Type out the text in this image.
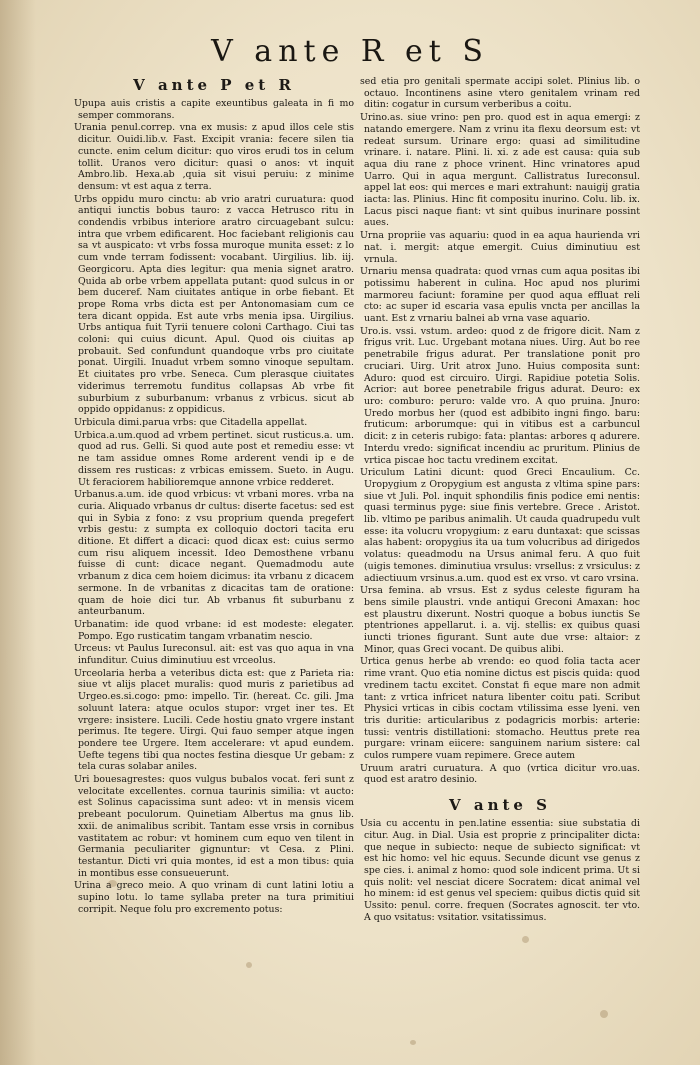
V ante R et S
V ante P et R

Upupa auis cristis a capite exeuntibus galeata in fi mo semper commorans.

Urania penul.correp. vna ex musis: z apud illos cele stis dicitur. Ouidi.lib.v. Fast. Excipit vrania: fecere silen tia cuncte. enim celum dicitur: quo viros erudi tos in celum tollit. Uranos vero dicitur: quasi o anos: vt inquit Ambro.lib. Hexa.ab ,quia sit visui peruiu: z minime densum: vt est aqua z terra.

Urbs oppidu muro cinctu: ab vrio aratri curuatura: quod antiqui iunctis bobus tauro: z vacca Hetrusco ritu in condendis vrbibus interiore aratro circuagebant sulcu: intra que vrbem edificarent. Hoc faciebant religionis cau sa vt auspicato: vt vrbs fossa muroque munita esset: z lo cum vnde terram fodissent: vocabant. Uirgilius. lib. iij. Georgicoru. Apta dies legitur: qua menia signet aratro. Quida ab orbe vrbem appellata putant: quod sulcus in or bem duceref. Nam ciuitates antique in orbe fiebant. Et prope Roma vrbs dicta est per Antonomasiam cum ce tera dicant oppida. Est aute vrbs menia ipsa. Uirgilius. Urbs antiqua fuit Tyrii tenuere coloni Carthago. Ciui tas coloni: qui cuius dicunt. Apul. Quod ois ciuitas ap probauit. Sed confundunt quandoque vrbs pro ciuitate ponat. Uirgili. Inuadut vrbem somno vinoque sepultam. Et ciuitates pro vrbe. Seneca. Cum plerasque ciuitates viderimus terremotu funditus collapsas Ab vrbe fit suburbium z suburbanum: vrbanus z vrbicus. sicut ab oppido oppidanus: z oppidicus.

Urbicula dimi.parua vrbs: que Citadella appellat.

Urbica.a.um.quod ad vrbem pertinet. sicut rusticus.a. um. quod ad rus. Gelli. Si quod aute post et remediu esse: vt ne tam assidue omnes Rome arderent vendi ip e de dissem res rusticas: z vrbicas emissem. Sueto. in Augu. Ut feraciorem habilioremque annone vrbice redderet.

Urbanus.a.um. ide quod vrbicus: vt vrbani mores. vrba na curia. Aliquado vrbanus dr cultus: diserte facetus: sed est qui in Sybia z fono: z vsu proprium quenda pregefert vrbis gestu: z sumpta ex colloquio doctori tacita eru ditione. Et differt a dicaci: quod dicax est: cuius sermo cum risu aliquem incessit. Ideo Demosthene vrbanu fuisse di cunt: dicace negant. Quemadmodu aute vrbanum z dica cem hoiem dicimus: ita vrbanu z dicacem sermone. In de vrbanitas z dicacitas tam de oratione: quam de hoie dici tur. Ab vrbanus fit suburbanu z anteurbanum.

Urbanatim: ide quod vrbane: id est modeste: elegater. Pompo. Ego rusticatim tangam vrbanatim nescio.

Urceus: vt Paulus Iureconsul. ait: est vas quo aqua in vna infunditur. Cuius diminutiuu est vrceolus.

Urceolaria herba a veteribus dicta est: que z Parieta ria: siue vt alijs placet muralis: quod muris z parietibus ad Urgeo.es.si.cogo: pmo: impello. Tir. (hereat. Cc. gili. Jma soluunt latera: atque oculos stupor: vrget iner tes. Et vrgere: insistere. Lucili. Cede hostiu gnato vrgere instant perimus. Ite tegere. Uirgi. Qui fauo semper atque ingen pondere tee Urgere. Item accelerare: vt apud eundem. Uefte tegens tibi qua noctes festina diesque Ur gebam: z tela curas solabar aniles.

Uri bouesagrestes: quos vulgus bubalos vocat. feri sunt z velocitate excellentes. cornua taurinis similia: vt aucto: est Solinus capacissima sunt adeo: vt in mensis vicem prebeant poculorum. Quinetiam Albertus ma gnus lib. xxii. de animalibus scribit. Tantam esse vrsis in cornibus vastitatem ac robur: vt hominem cum equo ven tilent in Germania peculiariter gignuntur: vt Cesa. z Plini. testantur. Dicti vri quia montes, id est a mon tibus: quia in montibus esse consueuerunt.

Urina a greco meio. A quo vrinam di cunt latini lotiu a supino lotu. lo tame syllaba preter na tura primitiui corripit. Neque folu pro excremento potus:

sed etia pro genitali spermate accipi solet. Plinius lib. o octauo. Incontinens asine vtero genitalem vrinam red ditin: cogatur in cursum verberibus a coitu.

Urino.as. siue vrino: pen pro. quod est in aqua emergi: z natando emergere. Nam z vrinu ita flexu deorsum est: vt redeat sursum. Urinare ergo: quasi ad similitudine vrinare. i. natare. Plini. li. xi. z ade est causa: quia sub aqua diu rane z phoce vrinent. Hinc vrinatores apud Uarro. Qui in aqua mergunt. Callistratus Iureconsul. appel lat eos: qui merces e mari extrahunt: nauigij gratia iacta: las. Plinius. Hinc fit compositu inurino. Colu. lib. ix. Lacus pisci naque fiant: vt sint quibus inurinare possint aues.

Urna propriie vas aquariu: quod in ea aqua haurienda vri nat. i. mergit: atque emergit. Cuius diminutiuu est vrnula.

Urnariu mensa quadrata: quod vrnas cum aqua positas ibi potissimu haberent in culina. Hoc apud nos plurimi marmoreu faciunt: foramine per quod aqua effluat reli cto: ac super id escaria vasa epulis vncta per ancillas la uant. Est z vrnariu balnei ab vrna vase aquario.

Uro.is. vssi. vstum. ardeo: quod z de frigore dicit. Nam z frigus vrit. Luc. Urgebant motana niues. Uirg. Aut bo ree penetrabile frigus adurat. Per translatione ponit pro cruciari. Uirg. Urit atrox Juno. Huius composita sunt: Aduro: quod est circuiro. Uirgi. Rapidiue potetia Solis. Acrior: aut boree penetrabile frigus adurat. Deuro: ex uro: comburo: peruro: valde vro. A quo pruina. Jnuro: Uredo morbus her (quod est adbibito ingni fingo. baru: fruticum: arborumque: qui in vitibus est a carbuncul dicit: z in ceteris rubigo: fata: plantas: arbores q adurere. Interdu vredo: significat incendiu ac pruritum. Plinius de vrtica piscae hoc tactu vredinem excitat.

Uriculum Latini dicunt: quod Greci Encaulium. Cc. Uropygium z Oropygium est angusta z vltima spine pars: siue vt Juli. Pol. inquit sphondilis finis podice emi nentis: quasi terminus pyge: siue finis vertebre. Grece . Aristot. lib. vltimo pe paribus animalih. Ut cauda quadrupedu vult esse: ita volucru vropygium: z earu duntaxat: que scissas alas habent: oropygius ita ua tum volucribus ad dirigedos volatus: queadmodu na Ursus animal feru. A quo fuit (uigis temones. diminutiua vrsulus: vrsellus: z vrsiculus: z adiectiuum vrsinus.a.um. quod est ex vrso. vt caro vrsina.

Ursa femina. ab vrsus. Est z sydus celeste figuram ha bens simile plaustri. vnde antiqui Greconi Amaxan: hoc est plaustru dixerunt. Nostri quoque a bobus iunctis Se ptentriones appellarut. i. a. vij. stellis: ex quibus quasi iuncti triones figurant. Sunt aute due vrse: altaior: z Minor, quas Greci vocant. De quibus alibi.

Urtica genus herbe ab vrendo: eo quod folia tacta acer rime vrant. Quo etia nomine dictus est piscis quida: quod vredinem tactu excitet. Constat fi eque mare non admit tant: z vrtica infricet natura libenter coitu pati. Scribut Physici vrticas in cibis coctam vtilissima esse lyeni. ven tris duritie: articularibus z podagricis morbis: arterie: tussi: ventris distillationi: stomacho. Heuttus prete rea purgare: vrinam eiicere: sanguinem narium sistere: cal culos rumpere vuam repimere. Grece autem

Uruum aratri curuatura. A quo (vrtica dicitur vro.uas. quod est aratro desinio.

V ante S

Usia cu accentu in pen.latine essentia: siue substatia di citur. Aug. in Dial. Usia est proprie z principaliter dicta: que neque in subiecto: neque de subiecto significat: vt est hic homo: vel hic equus. Secunde dicunt vse genus z spe cies. i. animal z homo: quod sole indicent prima. Ut si quis nolit: vel nesciat dicere Socratem: dicat animal vel ho minem: id est genus vel speciem: quibus dictis quid sit Ussito: penul. corre. frequen (Socrates agnoscit. ter vto. A quo vsitatus: vsitatior. vsitatissimus.
